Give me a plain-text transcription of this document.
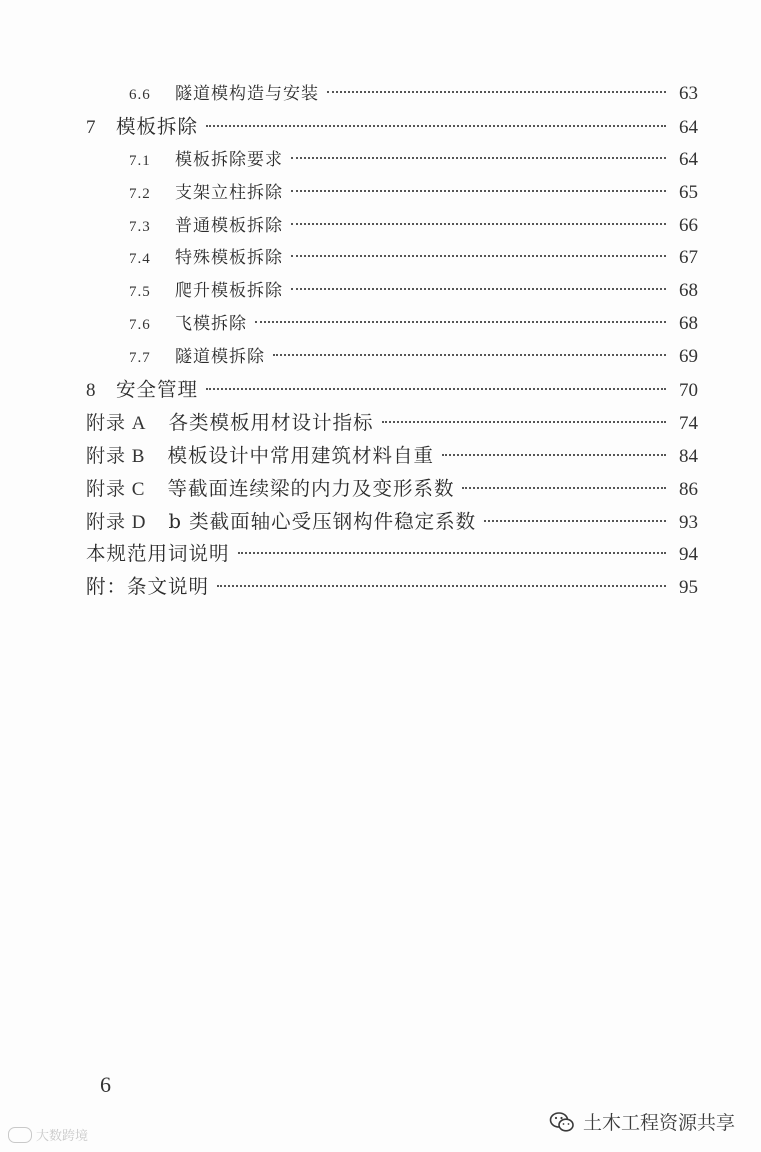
6.6	隧道模构造与安装	63
7	模板拆除	64
7.1	模板拆除要求	64
7.2	支架立柱拆除	65
7.3	普通模板拆除	66
7.4	特殊模板拆除	67
7.5	爬升模板拆除	68
7.6	飞模拆除	68
7.7	隧道模拆除	69
8	安全管理	70
附录 A 各类模板用材设计指标	74
附录 B 模板设计中常用建筑材料自重	84
附录 C 等截面连续梁的内力及变形系数	86
附录 D b 类截面轴心受压钢构件稳定系数	93
本规范用词说明	94
附：条文说明	95
6
大数跨境
土木工程资源共享
